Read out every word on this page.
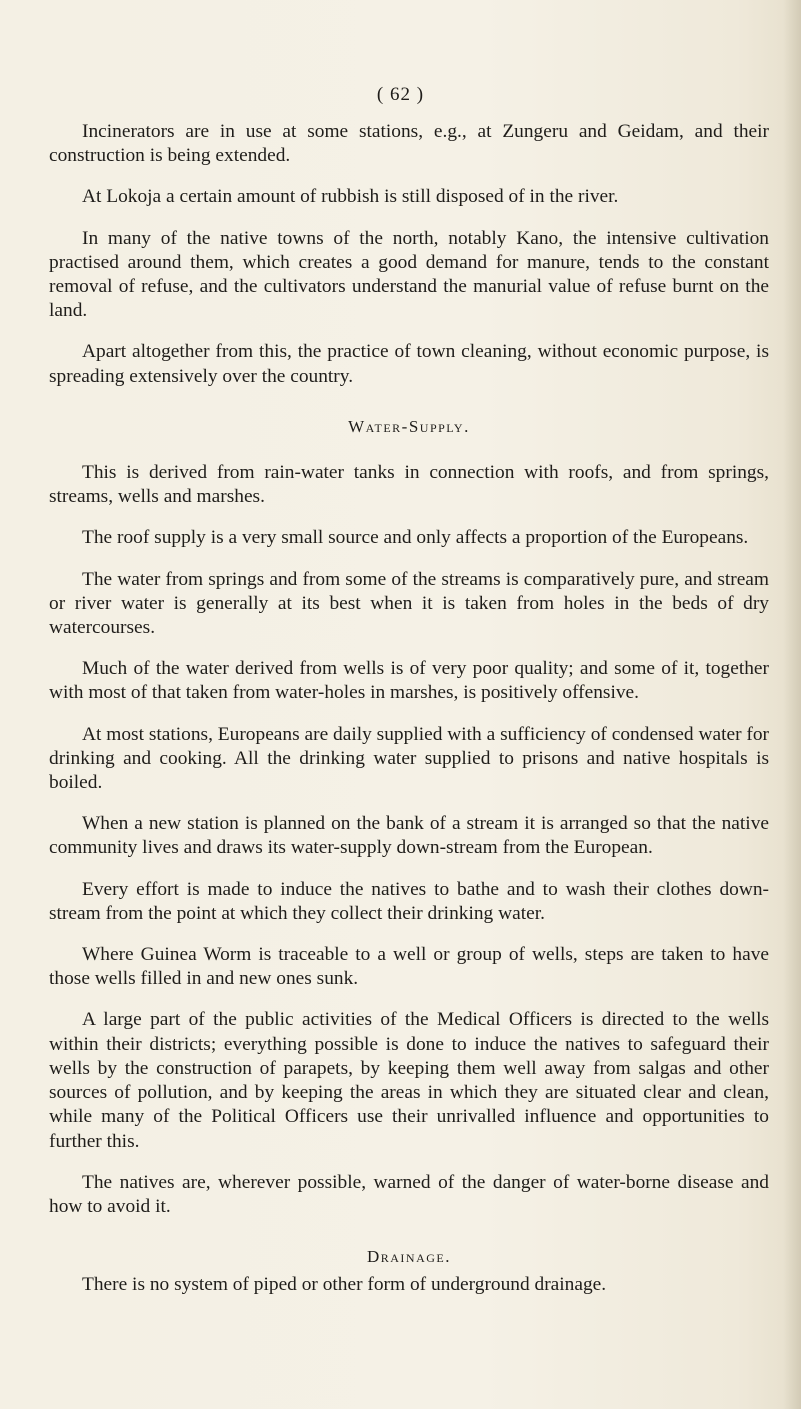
( 62 )

Incinerators are in use at some stations, e.g., at Zungeru and Geidam, and their construction is being extended.

At Lokoja a certain amount of rubbish is still disposed of in the river.

In many of the native towns of the north, notably Kano, the intensive cultivation practised around them, which creates a good demand for manure, tends to the constant removal of refuse, and the cultivators understand the manurial value of refuse burnt on the land.

Apart altogether from this, the practice of town cleaning, without economic purpose, is spreading extensively over the country.

Water-Supply.

This is derived from rain-water tanks in connection with roofs, and from springs, streams, wells and marshes.

The roof supply is a very small source and only affects a proportion of the Europeans.

The water from springs and from some of the streams is comparatively pure, and stream or river water is generally at its best when it is taken from holes in the beds of dry watercourses.

Much of the water derived from wells is of very poor quality; and some of it, together with most of that taken from water-holes in marshes, is positively offensive.

At most stations, Europeans are daily supplied with a sufficiency of condensed water for drinking and cooking. All the drinking water supplied to prisons and native hospitals is boiled.

When a new station is planned on the bank of a stream it is arranged so that the native community lives and draws its water-supply down-stream from the European.

Every effort is made to induce the natives to bathe and to wash their clothes down-stream from the point at which they collect their drinking water.

Where Guinea Worm is traceable to a well or group of wells, steps are taken to have those wells filled in and new ones sunk.

A large part of the public activities of the Medical Officers is directed to the wells within their districts; everything possible is done to induce the natives to safeguard their wells by the construction of parapets, by keeping them well away from salgas and other sources of pollution, and by keeping the areas in which they are situated clear and clean, while many of the Political Officers use their unrivalled influence and opportunities to further this.

The natives are, wherever possible, warned of the danger of water-borne disease and how to avoid it.

Drainage.

There is no system of piped or other form of underground drainage.
